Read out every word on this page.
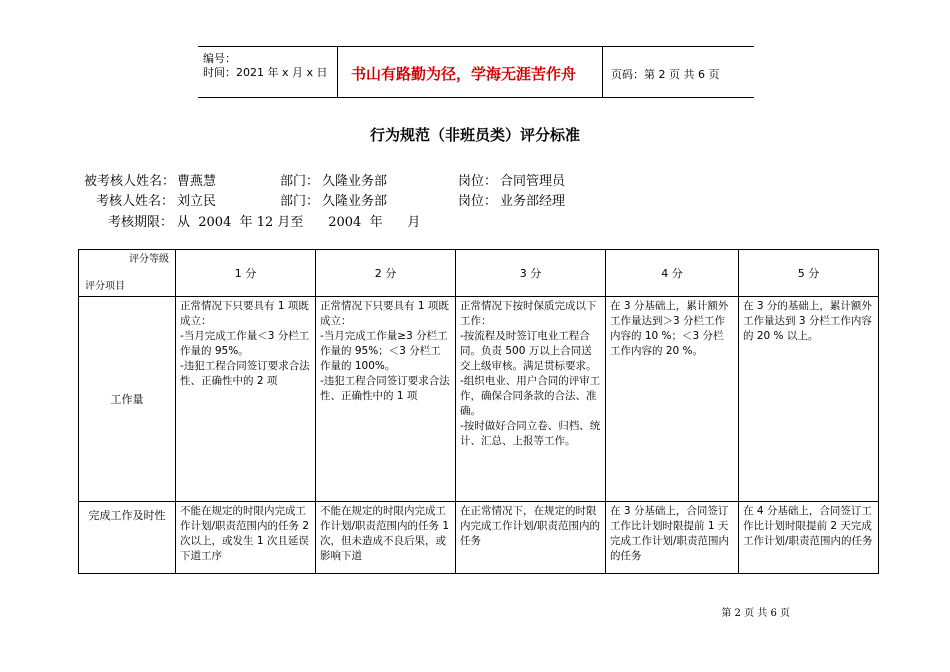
编号：
时间：2021 年 x 月 x 日	书山有路勤为径，学海无涯苦作舟	页码：第 2 页 共 6 页
行为规范（非班员类）评分标准
被考核人姓名： 曹燕慧	部门： 久隆业务部	岗位： 合同管理员
考核人姓名： 刘立民	部门： 久隆业务部	岗位： 业务部经理
考核期限： 从  2004  年 12 月至      2004  年      月
评分等级
评分项目	1 分	2 分	3 分	4 分	5 分
工作量	正常情况下只要具有 1 项既成立：
-当月完成工作量＜3 分栏工作量的 95%。
-违犯工程合同签订要求合法性、正确性中的 2 项	正常情况下只要具有 1 项既成立：
-当月完成工作量≥3 分栏工作量的 95%；＜3 分栏工作量的 100%。
-违犯工程合同签订要求合法性、正确性中的 1 项	正常情况下按时保质完成以下工作：
-按流程及时签订电业工程合同。负责 500 万以上合同送交上级审核。满足贯标要求。
-组织电业、用户合同的评审工作，确保合同条款的合法、准确。
-按时做好合同立卷、归档、统计、汇总、上报等工作。	在 3 分基础上，累计额外工作量达到＞3 分栏工作内容的 10 %；＜3 分栏工作内容的 20 %。	在 3 分的基础上，累计额外工作量达到 3 分栏工作内容的 20 % 以上。
完成工作及时性	不能在规定的时限内完成工作计划/职责范围内的任务 2 次以上，或发生 1 次且延误下道工序	不能在规定的时限内完成工作计划/职责范围内的任务 1 次，但未造成不良后果，或影响下道	在正常情况下，在规定的时限内完成工作计划/职责范围内的任务	在 3 分基础上，合同签订工作比计划时限提前 1 天完成工作计划/职责范围内的任务	在 4 分基础上，合同签订工作比计划时限提前 2 天完成工作计划/职责范围内的任务
第 2 页 共 6 页
